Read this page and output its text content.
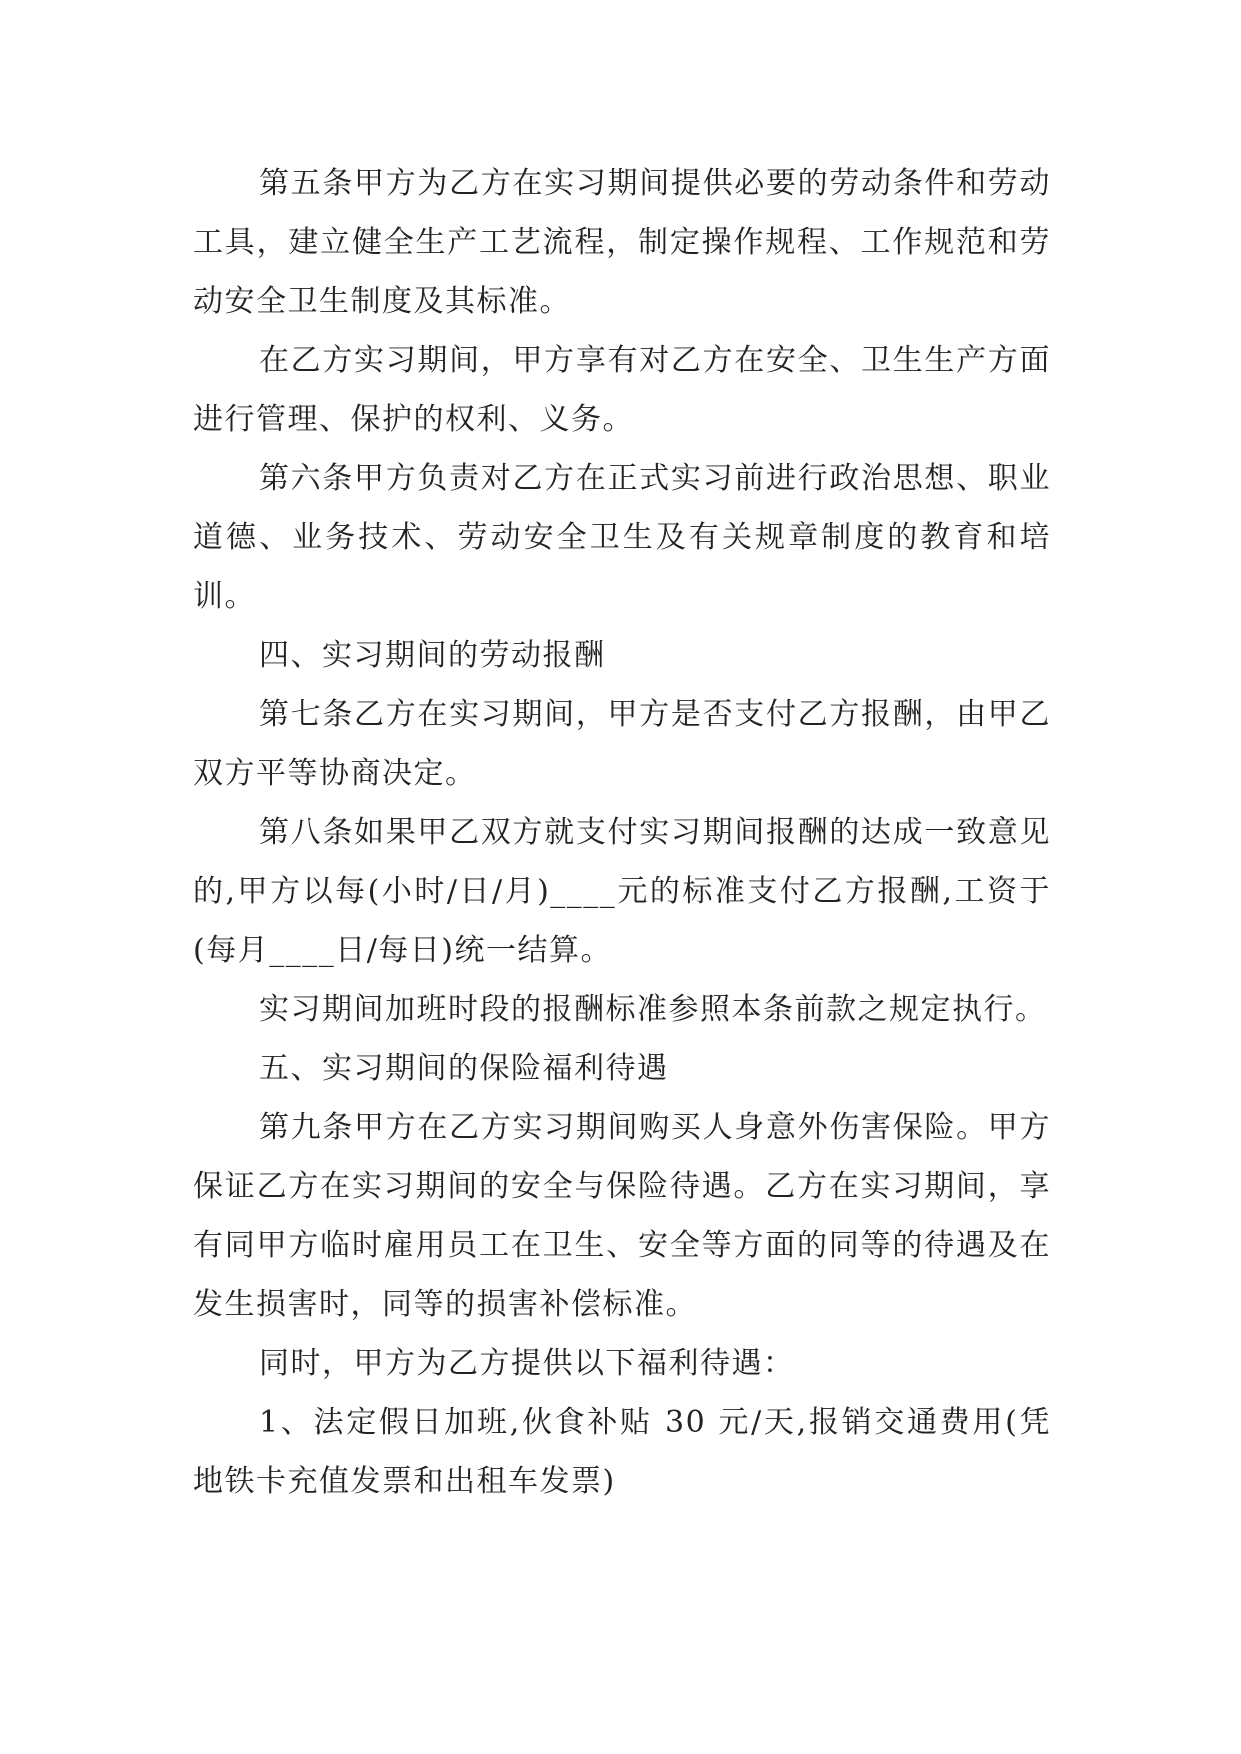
第五条甲方为乙方在实习期间提供必要的劳动条件和劳动工具，建立健全生产工艺流程，制定操作规程、工作规范和劳动安全卫生制度及其标准。

在乙方实习期间，甲方享有对乙方在安全、卫生生产方面进行管理、保护的权利、义务。

第六条甲方负责对乙方在正式实习前进行政治思想、职业道德、业务技术、劳动安全卫生及有关规章制度的教育和培训。

四、实习期间的劳动报酬

第七条乙方在实习期间，甲方是否支付乙方报酬，由甲乙双方平等协商决定。

第八条如果甲乙双方就支付实习期间报酬的达成一致意见的,甲方以每(小时/日/月)____元的标准支付乙方报酬,工资于(每月____日/每日)统一结算。

实习期间加班时段的报酬标准参照本条前款之规定执行。

五、实习期间的保险福利待遇

第九条甲方在乙方实习期间购买人身意外伤害保险。甲方保证乙方在实习期间的安全与保险待遇。乙方在实习期间，享有同甲方临时雇用员工在卫生、安全等方面的同等的待遇及在发生损害时，同等的损害补偿标准。

同时，甲方为乙方提供以下福利待遇：

1、法定假日加班,伙食补贴 30 元/天,报销交通费用(凭地铁卡充值发票和出租车发票)
